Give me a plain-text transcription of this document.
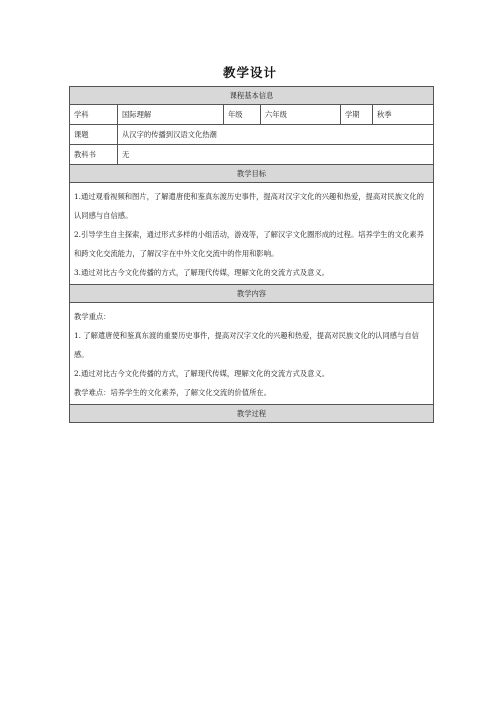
教学设计
课程基本信息					
学科	国际理解	年级	六年级	学期	秋季
课题	从汉字的传播到汉语文化热潮				
教科书	无				
教学目标					

1.通过观看视频和图片，了解遣唐使和鉴真东渡历史事件，提高对汉字文化的兴趣和热爱，提高对民族文化的认同感与自信感。

2.引导学生自主探索，通过形式多样的小组活动，游戏等，了解汉字文化圈形成的过程。培养学生的文化素养和跨文化交流能力，了解汉字在中外文化交流中的作用和影响。

3.通过对比古今文化传播的方式，了解现代传媒，理解文化的交流方式及意义。					

教学内容					

教学重点：

1. 了解遣唐使和鉴真东渡的重要历史事件，提高对汉字文化的兴趣和热爱，提高对民族文化的认同感与自信感。

2.通过对比古今文化传播的方式，了解现代传媒，理解文化的交流方式及意义。

教学难点：培养学生的文化素养，了解文化交流的价值所在。					

教学过程					
